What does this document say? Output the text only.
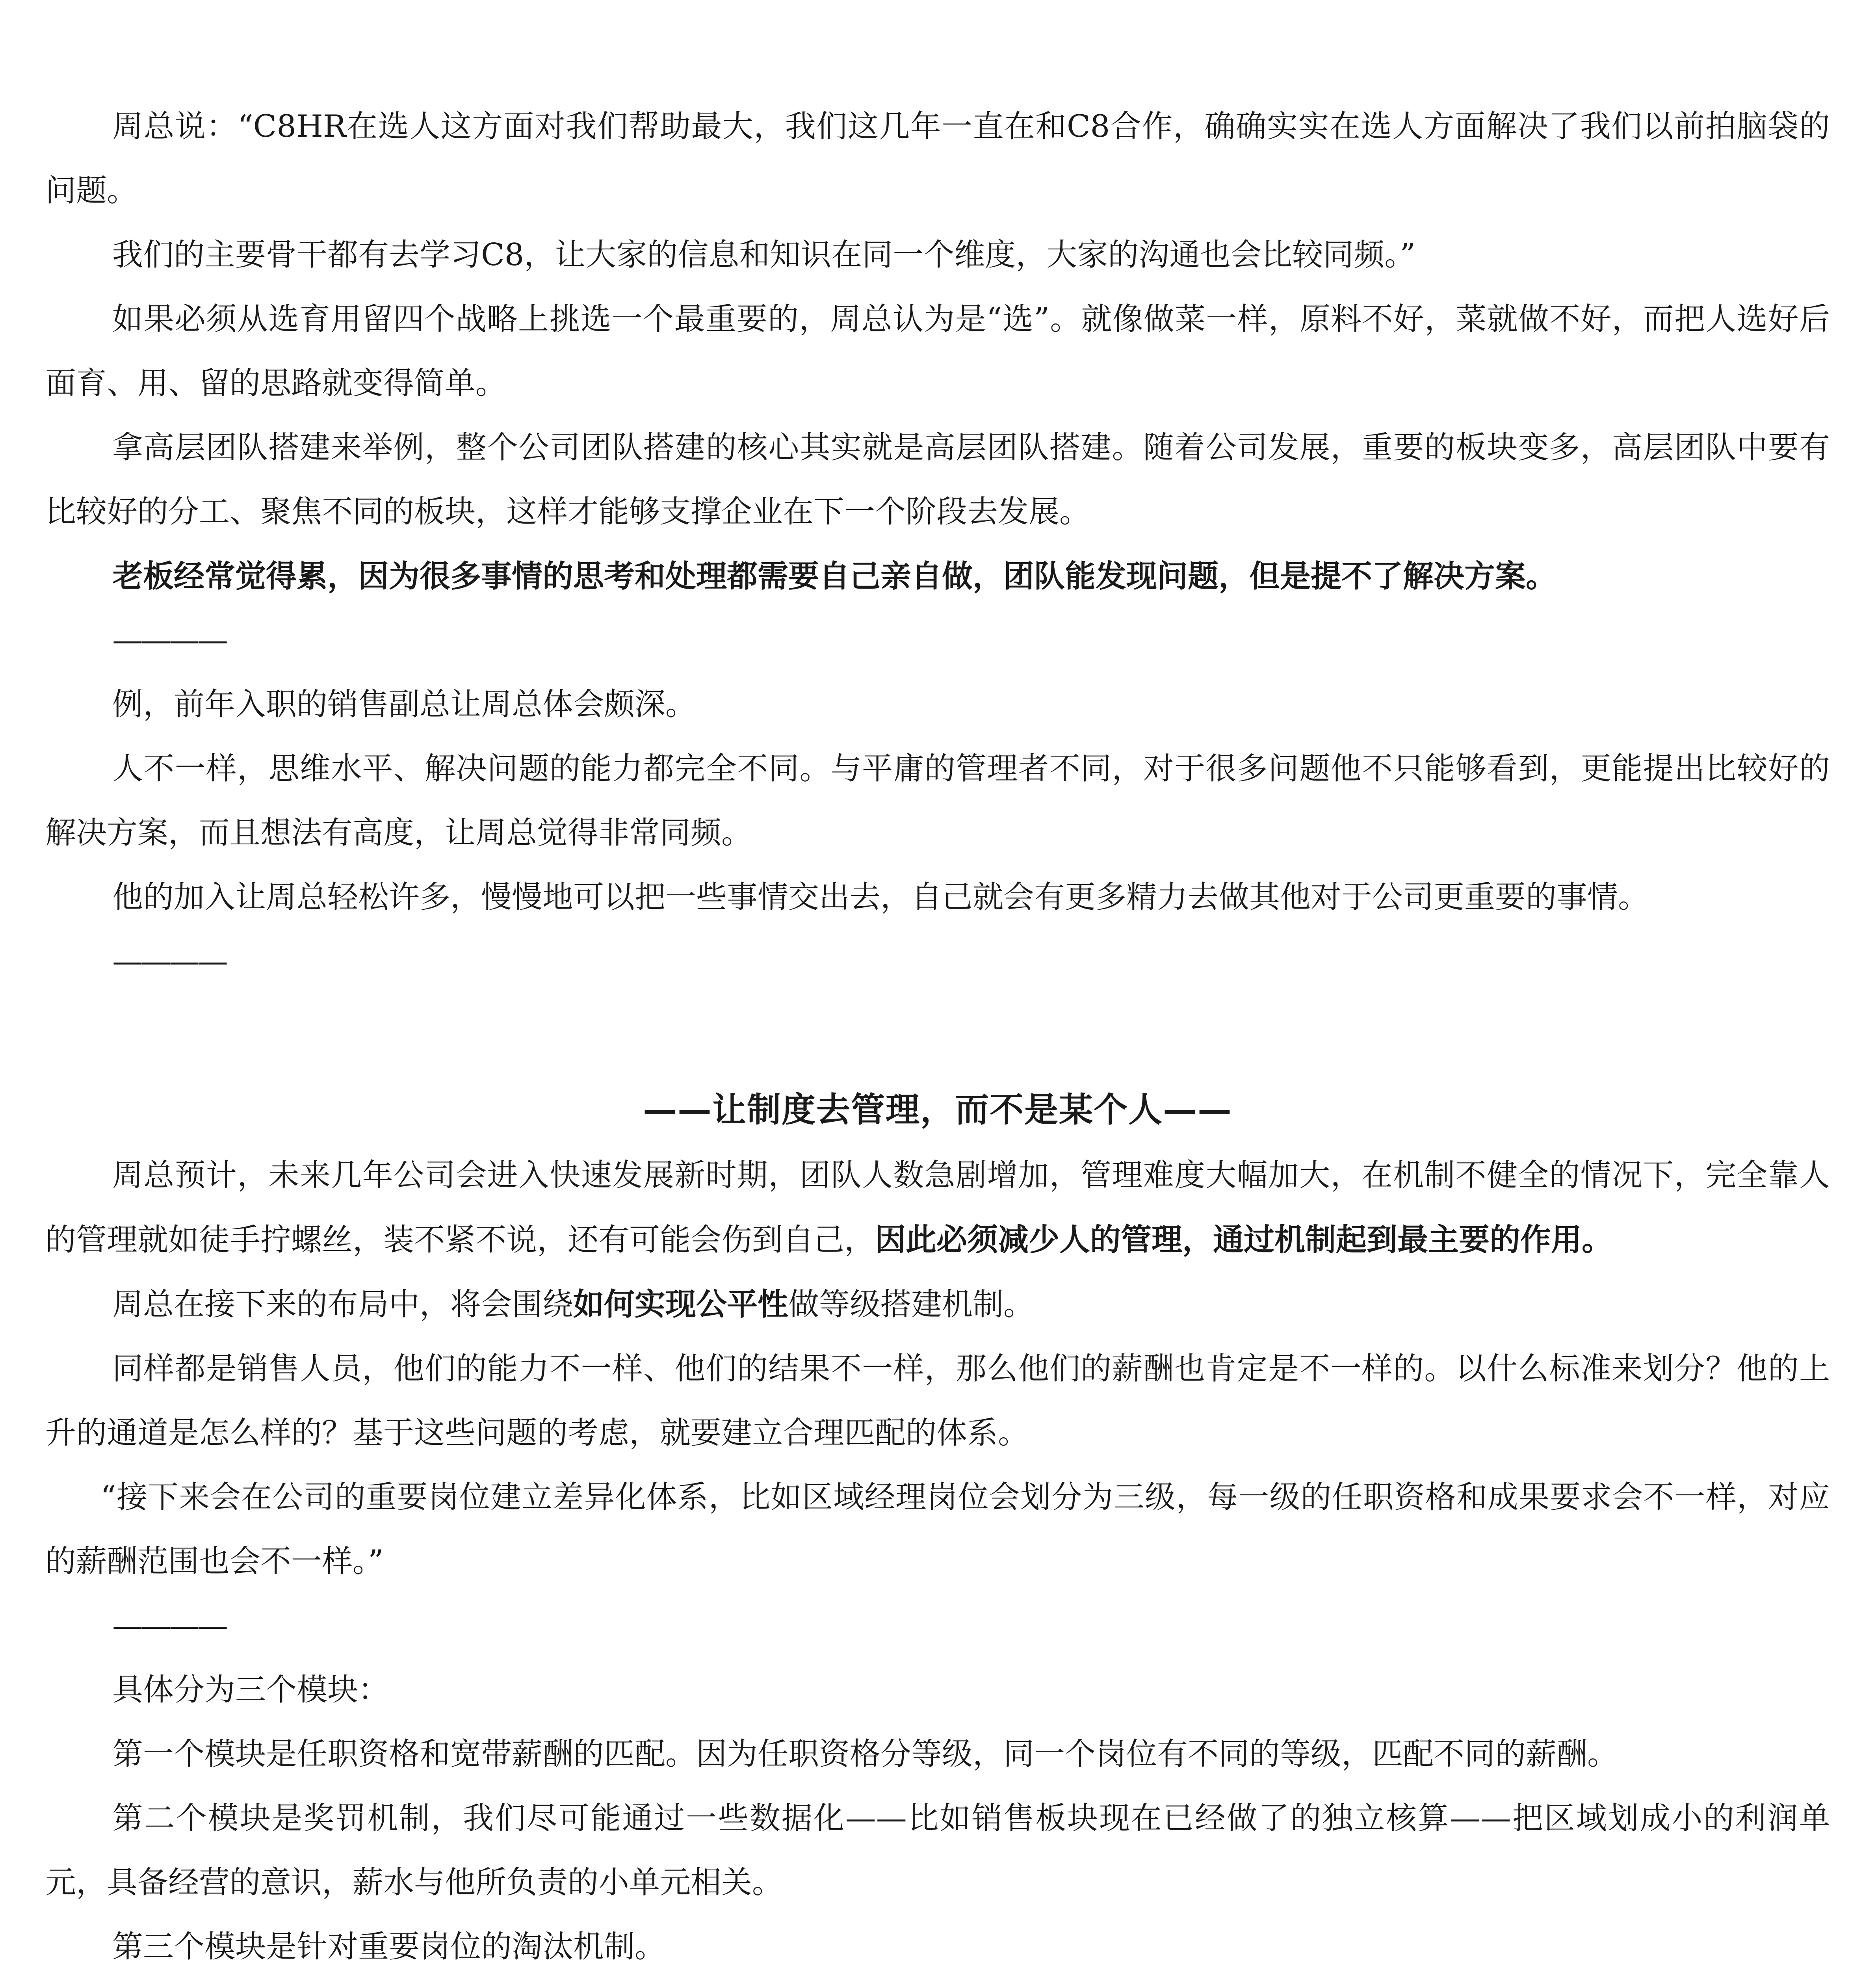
周总说：“C8HR在选人这方面对我们帮助最大，我们这几年一直在和C8合作，确确实实在选人方面解决了我们以前拍脑袋的问题。

我们的主要骨干都有去学习C8，让大家的信息和知识在同一个维度，大家的沟通也会比较同频。”

如果必须从选育用留四个战略上挑选一个最重要的，周总认为是“选”。就像做菜一样，原料不好，菜就做不好，而把人选好后面育、用、留的思路就变得简单。

拿高层团队搭建来举例，整个公司团队搭建的核心其实就是高层团队搭建。随着公司发展，重要的板块变多，高层团队中要有比较好的分工、聚焦不同的板块，这样才能够支撑企业在下一个阶段去发展。

老板经常觉得累，因为很多事情的思考和处理都需要自己亲自做，团队能发现问题，但是提不了解决方案。

————

例，前年入职的销售副总让周总体会颇深。

人不一样，思维水平、解决问题的能力都完全不同。与平庸的管理者不同，对于很多问题他不只能够看到，更能提出比较好的解决方案，而且想法有高度，让周总觉得非常同频。

他的加入让周总轻松许多，慢慢地可以把一些事情交出去，自己就会有更多精力去做其他对于公司更重要的事情。

————

——让制度去管理，而不是某个人——

周总预计，未来几年公司会进入快速发展新时期，团队人数急剧增加，管理难度大幅加大，在机制不健全的情况下，完全靠人的管理就如徒手拧螺丝，装不紧不说，还有可能会伤到自己，因此必须减少人的管理，通过机制起到最主要的作用。

周总在接下来的布局中，将会围绕如何实现公平性做等级搭建机制。

同样都是销售人员，他们的能力不一样、他们的结果不一样，那么他们的薪酬也肯定是不一样的。以什么标准来划分？他的上升的通道是怎么样的？基于这些问题的考虑，就要建立合理匹配的体系。

“接下来会在公司的重要岗位建立差异化体系，比如区域经理岗位会划分为三级，每一级的任职资格和成果要求会不一样，对应的薪酬范围也会不一样。”

————

具体分为三个模块：

第一个模块是任职资格和宽带薪酬的匹配。因为任职资格分等级，同一个岗位有不同的等级，匹配不同的薪酬。

第二个模块是奖罚机制，我们尽可能通过一些数据化——比如销售板块现在已经做了的独立核算——把区域划成小的利润单元，具备经营的意识，薪水与他所负责的小单元相关。

第三个模块是针对重要岗位的淘汰机制。
